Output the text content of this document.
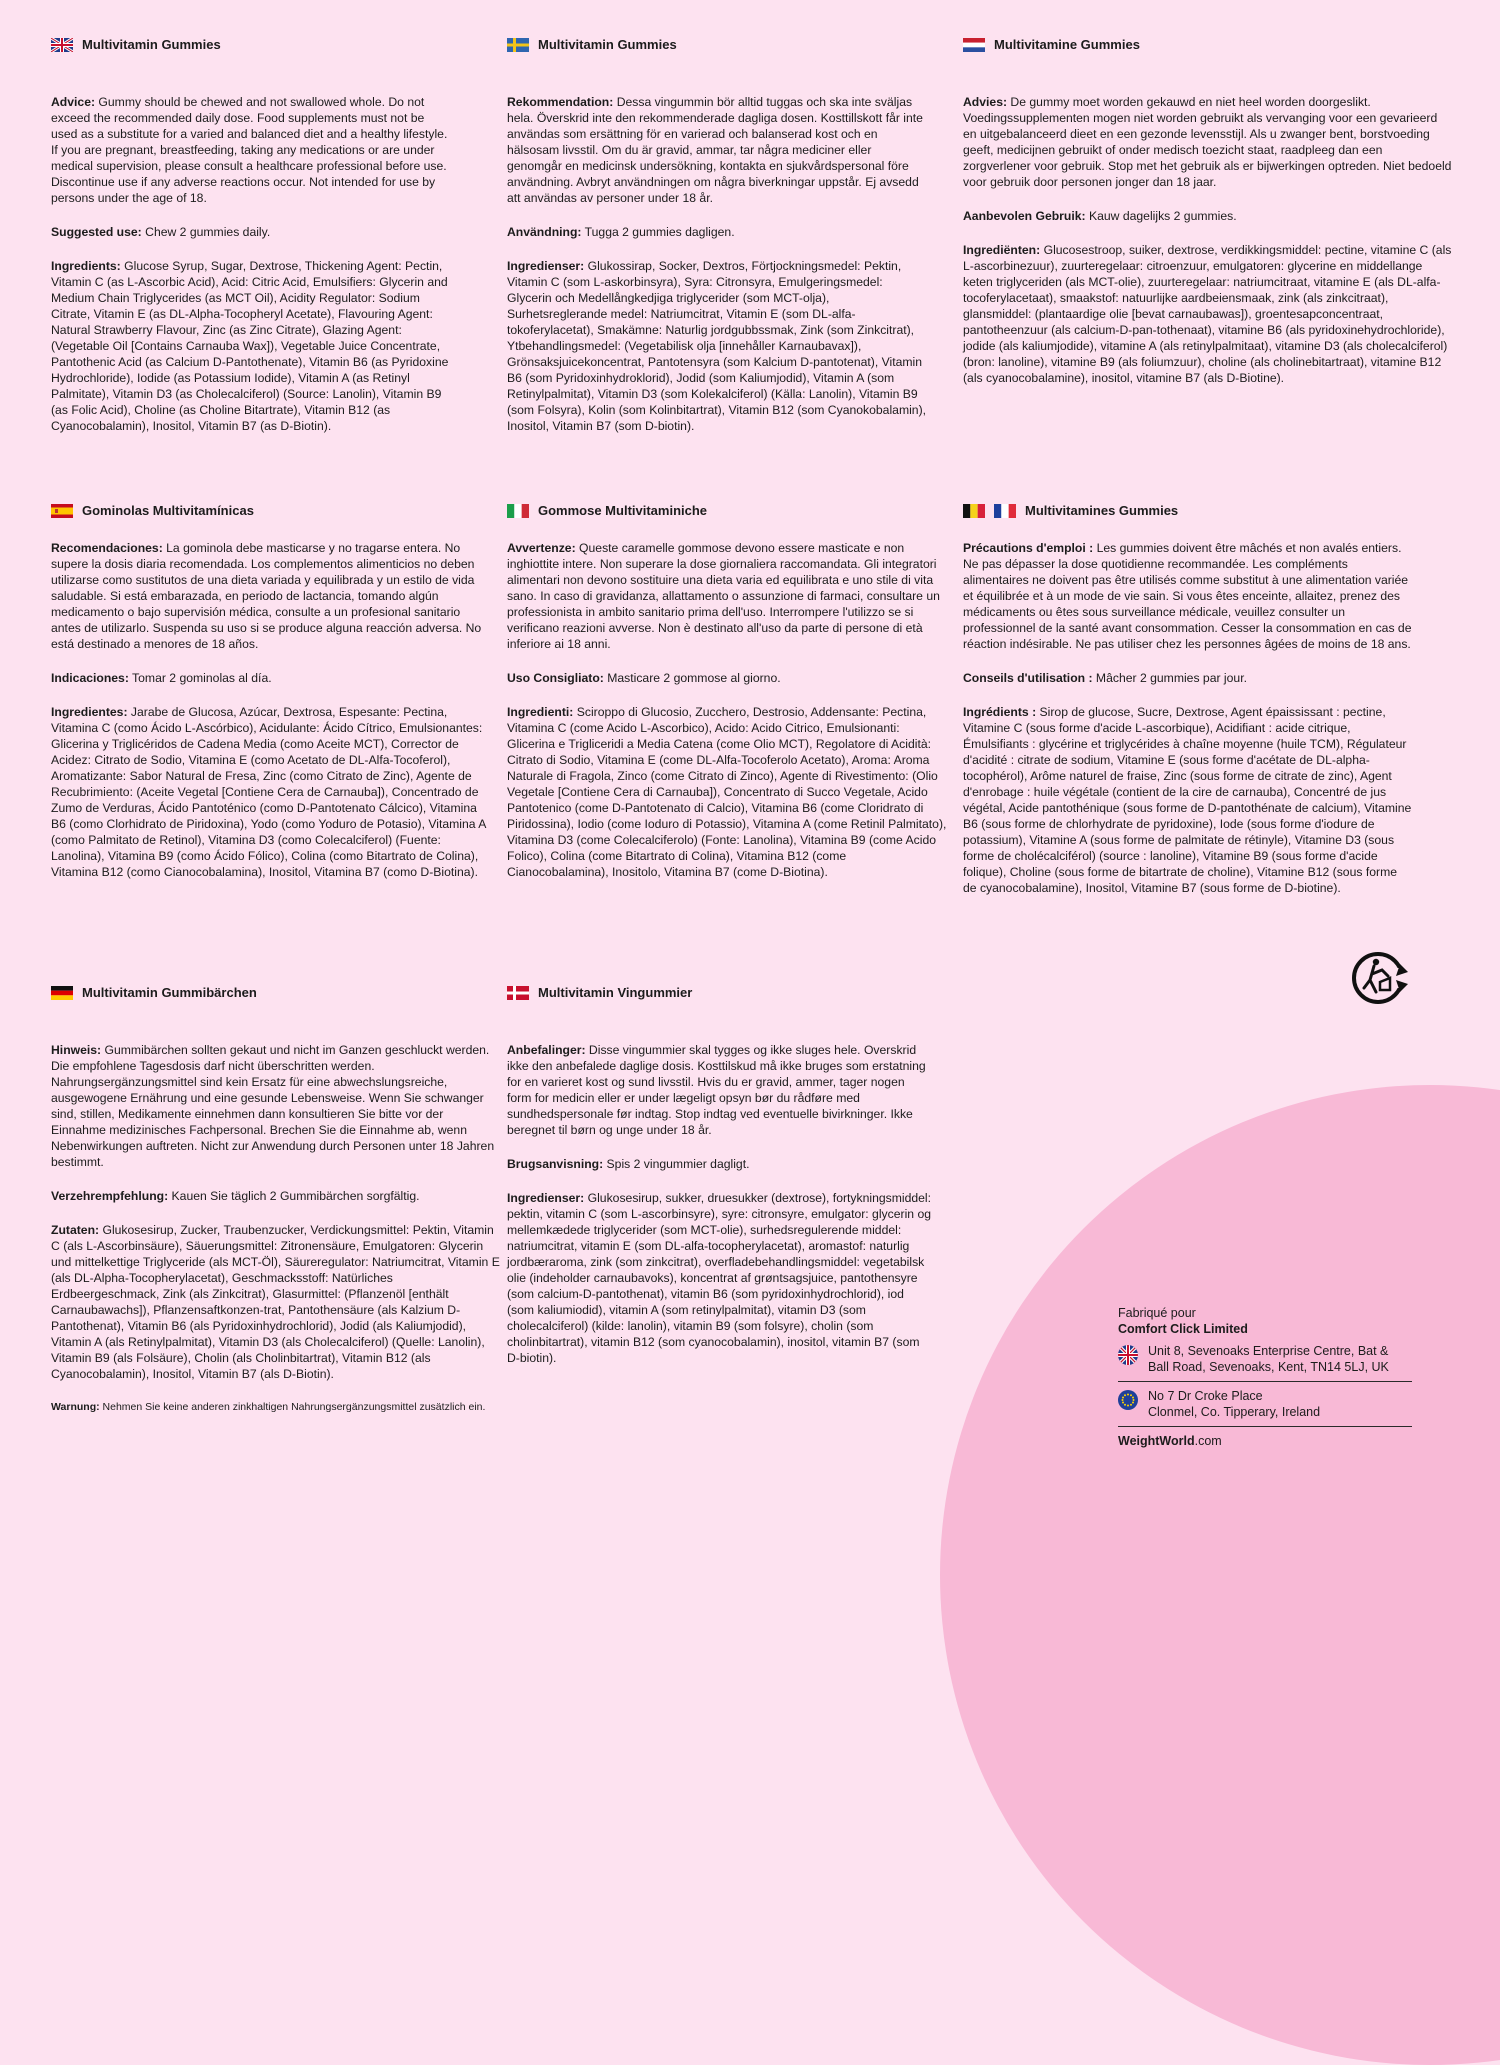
Multivitamin Gummies

Advice: Gummy should be chewed and not swallowed whole. Do not exceed the recommended daily dose. Food supplements must not be used as a substitute for a varied and balanced diet and a healthy lifestyle. If you are pregnant, breastfeeding, taking any medications or are under medical supervision, please consult a healthcare professional before use. Discontinue use if any adverse reactions occur. Not intended for use by persons under the age of 18.

Suggested use: Chew 2 gummies daily.

Ingredients: Glucose Syrup, Sugar, Dextrose, Thickening Agent: Pectin, Vitamin C (as L-Ascorbic Acid), Acid: Citric Acid, Emulsifiers: Glycerin and Medium Chain Triglycerides (as MCT Oil), Acidity Regulator: Sodium Citrate, Vitamin E (as DL-Alpha-Tocopheryl Acetate), Flavouring Agent: Natural Strawberry Flavour, Zinc (as Zinc Citrate), Glazing Agent: (Vegetable Oil [Contains Carnauba Wax]), Vegetable Juice Concentrate, Pantothenic Acid (as Calcium D-Pantothenate), Vitamin B6 (as Pyridoxine Hydrochloride), Iodide (as Potassium Iodide), Vitamin A (as Retinyl Palmitate), Vitamin D3 (as Cholecalciferol) (Source: Lanolin), Vitamin B9 (as Folic Acid), Choline (as Choline Bitartrate), Vitamin B12 (as Cyanocobalamin), Inositol, Vitamin B7 (as D-Biotin).

Multivitamin Gummies

Rekommendation: Dessa vingummin bör alltid tuggas och ska inte sväljas hela. Överskrid inte den rekommenderade dagliga dosen. Kosttillskott får inte användas som ersättning för en varierad och balanserad kost och en hälsosam livsstil. Om du är gravid, ammar, tar några mediciner eller genomgår en medicinsk undersökning, kontakta en sjukvårdspersonal före användning. Avbryt användningen om några biverkningar uppstår. Ej avsedd att användas av personer under 18 år.

Användning: Tugga 2 gummies dagligen.

Ingredienser: Glukossirap, Socker, Dextros, Förtjockningsmedel: Pektin, Vitamin C (som L-askorbinsyra), Syra: Citronsyra, Emulgeringsmedel: Glycerin och Medellångkedjiga triglycerider (som MCT-olja), Surhetsreglerande medel: Natriumcitrat, Vitamin E (som DL-alfa-tokoferylacetat), Smakämne: Naturlig jordgubbssmak, Zink (som Zinkcitrat), Ytbehandlingsmedel: (Vegetabilisk olja [innehåller Karnaubavax]), Grönsaksjuicekoncentrat, Pantotensyra (som Kalcium D-pantotenat), Vitamin B6 (som Pyridoxinhydroklorid), Jodid (som Kaliumjodid), Vitamin A (som Retinylpalmitat), Vitamin D3 (som Kolekalciferol) (Källa: Lanolin), Vitamin B9 (som Folsyra), Kolin (som Kolinbitartrat), Vitamin B12 (som Cyanokobalamin), Inositol, Vitamin B7 (som D-biotin).

Multivitamine Gummies

Advies: De gummy moet worden gekauwd en niet heel worden doorgeslikt. Voedingssupplementen mogen niet worden gebruikt als vervanging voor een gevarieerd en uitgebalanceerd dieet en een gezonde levensstijl. Als u zwanger bent, borstvoeding geeft, medicijnen gebruikt of onder medisch toezicht staat, raadpleeg dan een zorgverlener voor gebruik. Stop met het gebruik als er bijwerkingen optreden. Niet bedoeld voor gebruik door personen jonger dan 18 jaar.

Aanbevolen Gebruik: Kauw dagelijks 2 gummies.

Ingrediënten: Glucosestroop, suiker, dextrose, verdikkingsmiddel: pectine, vitamine C (als L-ascorbinezuur), zuurteregelaar: citroenzuur, emulgatoren: glycerine en middellange keten triglyceriden (als MCT-olie), zuurteregelaar: natriumcitraat, vitamine E (als DL-alfa-tocoferylacetaat), smaakstof: natuurlijke aardbeiensmaak, zink (als zinkcitraat), glansmiddel: (plantaardige olie [bevat carnaubawas]), groentesapconcentraat, pantotheenzuur (als calcium-D-pan-tothenaat), vitamine B6 (als pyridoxinehydrochloride), jodide (als kaliumjodide), vitamine A (als retinylpalmitaat), vitamine D3 (als cholecalciferol) (bron: lanoline), vitamine B9 (als foliumzuur), choline (als cholinebitartraat), vitamine B12 (als cyanocobalamine), inositol, vitamine B7 (als D-Biotine).

Gominolas Multivitamínicas

Recomendaciones: La gominola debe masticarse y no tragarse entera. No supere la dosis diaria recomendada. Los complementos alimenticios no deben utilizarse como sustitutos de una dieta variada y equilibrada y un estilo de vida saludable. Si está embarazada, en periodo de lactancia, tomando algún medicamento o bajo supervisión médica, consulte a un profesional sanitario antes de utilizarlo. Suspenda su uso si se produce alguna reacción adversa. No está destinado a menores de 18 años.

Indicaciones: Tomar 2 gominolas al día.

Ingredientes: Jarabe de Glucosa, Azúcar, Dextrosa, Espesante: Pectina, Vitamina C (como Ácido L-Ascórbico), Acidulante: Ácido Cítrico, Emulsionantes: Glicerina y Triglicéridos de Cadena Media (como Aceite MCT), Corrector de Acidez: Citrato de Sodio, Vitamina E (como Acetato de DL-Alfa-Tocoferol), Aromatizante: Sabor Natural de Fresa, Zinc (como Citrato de Zinc), Agente de Recubrimiento: (Aceite Vegetal [Contiene Cera de Carnauba]), Concentrado de Zumo de Verduras, Ácido Pantoténico (como D-Pantotenato Cálcico), Vitamina B6 (como Clorhidrato de Piridoxina), Yodo (como Yoduro de Potasio), Vitamina A (como Palmitato de Retinol), Vitamina D3 (como Colecalciferol) (Fuente: Lanolina), Vitamina B9 (como Ácido Fólico), Colina (como Bitartrato de Colina), Vitamina B12 (como Cianocobalamina), Inositol, Vitamina B7 (como D-Biotina).

Gommose Multivitaminiche

Avvertenze: Queste caramelle gommose devono essere masticate e non inghiottite intere. Non superare la dose giornaliera raccomandata. Gli integratori alimentari non devono sostituire una dieta varia ed equilibrata e uno stile di vita sano. In caso di gravidanza, allattamento o assunzione di farmaci, consultare un professionista in ambito sanitario prima dell'uso. Interrompere l'utilizzo se si verificano reazioni avverse. Non è destinato all'uso da parte di persone di età inferiore ai 18 anni.

Uso Consigliato: Masticare 2 gommose al giorno.

Ingredienti: Sciroppo di Glucosio, Zucchero, Destrosio, Addensante: Pectina, Vitamina C (come Acido L-Ascorbico), Acido: Acido Citrico, Emulsionanti: Glicerina e Trigliceridi a Media Catena (come Olio MCT), Regolatore di Acidità: Citrato di Sodio, Vitamina E (come DL-Alfa-Tocoferolo Acetato), Aroma: Aroma Naturale di Fragola, Zinco (come Citrato di Zinco), Agente di Rivestimento: (Olio Vegetale [Contiene Cera di Carnauba]), Concentrato di Succo Vegetale, Acido Pantotenico (come D-Pantotenato di Calcio), Vitamina B6 (come Cloridrato di Piridossina), Iodio (come Ioduro di Potassio), Vitamina A (come Retinil Palmitato), Vitamina D3 (come Colecalciferolo) (Fonte: Lanolina), Vitamina B9 (come Acido Folico), Colina (come Bitartrato di Colina), Vitamina B12 (come Cianocobalamina), Inositolo, Vitamina B7 (come D-Biotina).

Multivitamines Gummies

Précautions d'emploi : Les gummies doivent être mâchés et non avalés entiers. Ne pas dépasser la dose quotidienne recommandée. Les compléments alimentaires ne doivent pas être utilisés comme substitut à une alimentation variée et équilibrée et à un mode de vie sain. Si vous êtes enceinte, allaitez, prenez des médicaments ou êtes sous surveillance médicale, veuillez consulter un professionnel de la santé avant consommation. Cesser la consommation en cas de réaction indésirable. Ne pas utiliser chez les personnes âgées de moins de 18 ans.

Conseils d'utilisation : Mâcher 2 gummies par jour.

Ingrédients : Sirop de glucose, Sucre, Dextrose, Agent épaississant : pectine, Vitamine C (sous forme d'acide L-ascorbique), Acidifiant : acide citrique, Émulsifiants : glycérine et triglycérides à chaîne moyenne (huile TCM), Régulateur d'acidité : citrate de sodium, Vitamine E (sous forme d'acétate de DL-alpha-tocophérol), Arôme naturel de fraise, Zinc (sous forme de citrate de zinc), Agent d'enrobage : huile végétale (contient de la cire de carnauba), Concentré de jus végétal, Acide pantothénique (sous forme de D-pantothénate de calcium), Vitamine B6 (sous forme de chlorhydrate de pyridoxine), Iode (sous forme d'iodure de potassium), Vitamine A (sous forme de palmitate de rétinyle), Vitamine D3 (sous forme de cholécalciférol) (source : lanoline), Vitamine B9 (sous forme d'acide folique), Choline (sous forme de bitartrate de choline), Vitamine B12 (sous forme de cyanocobalamine), Inositol, Vitamine B7 (sous forme de D-biotine).

Multivitamin Gummibärchen

Hinweis: Gummibärchen sollten gekaut und nicht im Ganzen geschluckt werden. Die empfohlene Tagesdosis darf nicht überschritten werden. Nahrungsergänzungsmittel sind kein Ersatz für eine abwechslungsreiche, ausgewogene Ernährung und eine gesunde Lebensweise. Wenn Sie schwanger sind, stillen, Medikamente einnehmen dann konsultieren Sie bitte vor der Einnahme medizinisches Fachpersonal. Brechen Sie die Einnahme ab, wenn Nebenwirkungen auftreten. Nicht zur Anwendung durch Personen unter 18 Jahren bestimmt.

Verzehrempfehlung: Kauen Sie täglich 2 Gummibärchen sorgfältig.

Zutaten: Glukosesirup, Zucker, Traubenzucker, Verdickungsmittel: Pektin, Vitamin C (als L-Ascorbinsäure), Säuerungsmittel: Zitronensäure, Emulgatoren: Glycerin und mittelkettige Triglyceride (als MCT-Öl), Säureregulator: Natriumcitrat, Vitamin E (als DL-Alpha-Tocopherylacetat), Geschmacksstoff: Natürliches Erdbeergeschmack, Zink (als Zinkcitrat), Glasurmittel: (Pflanzenöl [enthält Carnaubawachs]), Pflanzensaftkonzen-trat, Pantothensäure (als Kalzium D-Pantothenat), Vitamin B6 (als Pyridoxinhydrochlorid), Jodid (als Kaliumjodid), Vitamin A (als Retinylpalmitat), Vitamin D3 (als Cholecalciferol) (Quelle: Lanolin), Vitamin B9 (als Folsäure), Cholin (als Cholinbitartrat), Vitamin B12 (als Cyanocobalamin), Inositol, Vitamin B7 (als D-Biotin).

Warnung: Nehmen Sie keine anderen zinkhaltigen Nahrungsergänzungsmittel zusätzlich ein.

Multivitamin Vingummier

Anbefalinger: Disse vingummier skal tygges og ikke sluges hele. Overskrid ikke den anbefalede daglige dosis. Kosttilskud må ikke bruges som erstatning for en varieret kost og sund livsstil. Hvis du er gravid, ammer, tager nogen form for medicin eller er under lægeligt opsyn bør du rådføre med sundhedspersonale før indtag. Stop indtag ved eventuelle bivirkninger. Ikke beregnet til børn og unge under 18 år.

Brugsanvisning: Spis 2 vingummier dagligt.

Ingredienser: Glukosesirup, sukker, druesukker (dextrose), fortykningsmiddel: pektin, vitamin C (som L-ascorbinsyre), syre: citronsyre, emulgator: glycerin og mellemkædede triglycerider (som MCT-olie), surhedsregulerende middel: natriumcitrat, vitamin E (som DL-alfa-tocopherylacetat), aromastof: naturlig jordbæraroma, zink (som zinkcitrat), overfladebehandlingsmiddel: vegetabilsk olie (indeholder carnaubavoks), koncentrat af grøntsagsjuice, pantothensyre (som calcium-D-pantothenat), vitamin B6 (som pyridoxinhydrochlorid), iod (som kaliumiodid), vitamin A (som retinylpalmitat), vitamin D3 (som cholecalciferol) (kilde: lanolin), vitamin B9 (som folsyre), cholin (som cholinbitartrat), vitamin B12 (som cyanocobalamin), inositol, vitamin B7 (som D-biotin).

Fabriqué pour
Comfort Click Limited
Unit 8, Sevenoaks Enterprise Centre, Bat &
Ball Road, Sevenoaks, Kent, TN14 5LJ, UK
No 7 Dr Croke Place
Clonmel, Co. Tipperary, Ireland
WeightWorld.com
